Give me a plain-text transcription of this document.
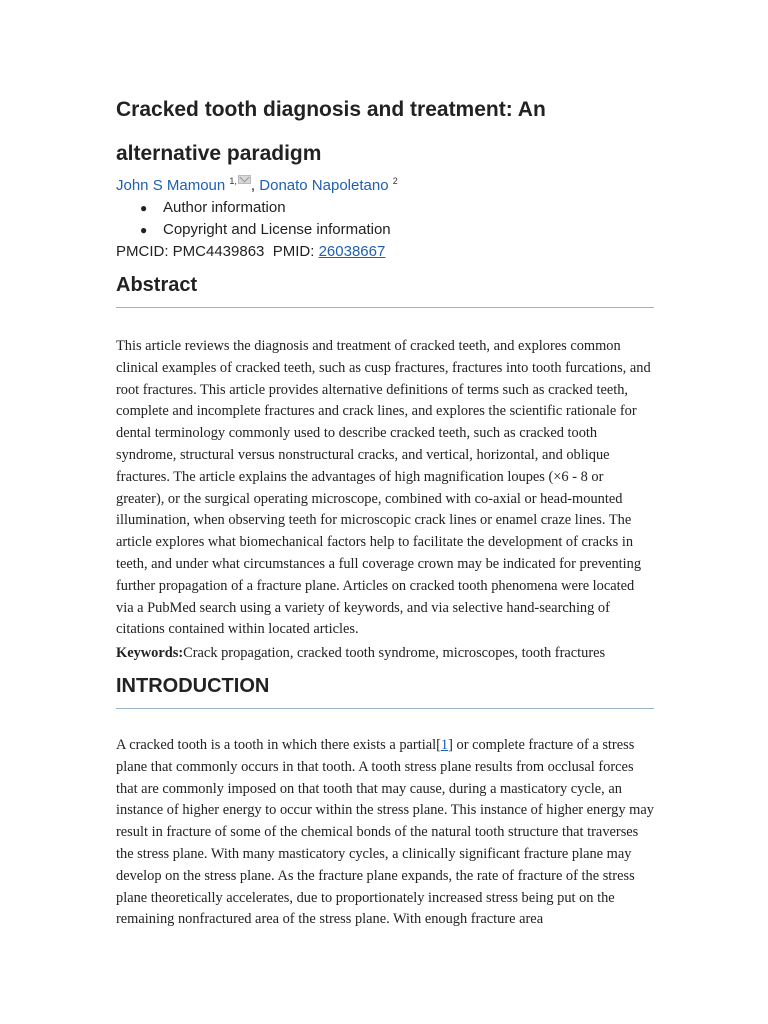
Cracked tooth diagnosis and treatment: An alternative paradigm
John S Mamoun $^{1,}$ , Donato Napoletano $^2$
● Author information
● Copyright and License information
PMCID: PMC4439863 PMID: 26038667
Abstract

This article reviews the diagnosis and treatment of cracked teeth, and explores common clinical examples of cracked teeth, such as cusp fractures, fractures into tooth furcations, and root fractures. This article provides alternative definitions of terms such as cracked teeth, complete and incomplete fractures and crack lines, and explores the scientific rationale for dental terminology commonly used to describe cracked teeth, such as cracked tooth syndrome, structural versus nonstructural cracks, and vertical, horizontal, and oblique fractures. The article explains the advantages of high magnification loupes (×6 - 8 or greater), or the surgical operating microscope, combined with co-axial or head-mounted illumination, when observing teeth for microscopic crack lines or enamel craze lines. The article explores what biomechanical factors help to facilitate the development of cracks in teeth, and under what circumstances a full coverage crown may be indicated for preventing further propagation of a fracture plane. Articles on cracked tooth phenomena were located via a PubMed search using a variety of keywords, and via selective hand-searching of citations contained within located articles.

Keywords:Crack propagation, cracked tooth syndrome, microscopes, tooth fractures
INTRODUCTION

A cracked tooth is a tooth in which there exists a partial[1] or complete fracture of a stress plane that commonly occurs in that tooth. A tooth stress plane results from occlusal forces that are commonly imposed on that tooth that may cause, during a masticatory cycle, an instance of higher energy to occur within the stress plane. This instance of higher energy may result in fracture of some of the chemical bonds of the natural tooth structure that traverses the stress plane. With many masticatory cycles, a clinically significant fracture plane may develop on the stress plane. As the fracture plane expands, the rate of fracture of the stress plane theoretically accelerates, due to proportionately increased stress being put on the remaining nonfractured area of the stress plane. With enough fracture area
